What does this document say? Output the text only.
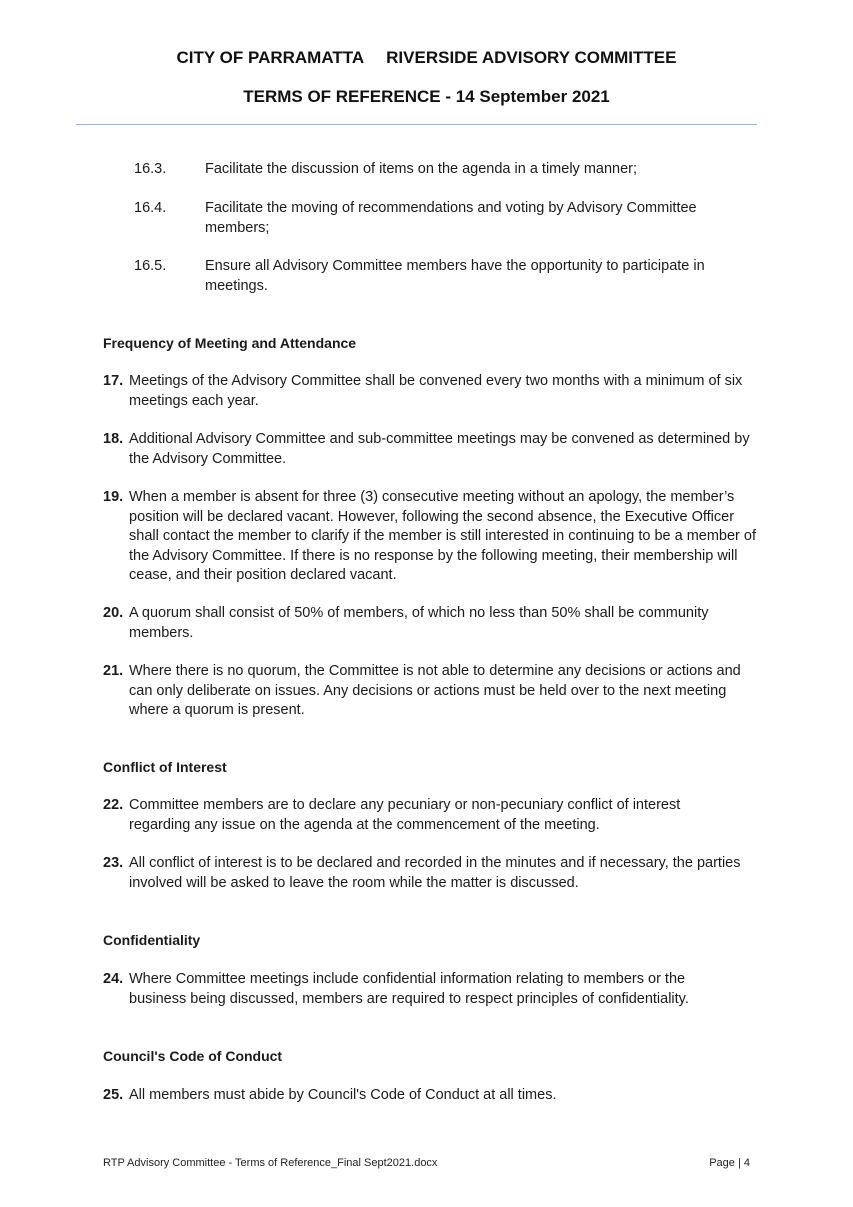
CITY OF PARRAMATTA RIVERSIDE ADVISORY COMMITTEE
TERMS OF REFERENCE - 14 September 2021
16.3.	Facilitate the discussion of items on the agenda in a timely manner;
16.4.	Facilitate the moving of recommendations and voting by Advisory Committee members;
16.5.	Ensure all Advisory Committee members have the opportunity to participate in meetings.
Frequency of Meeting and Attendance
17. Meetings of the Advisory Committee shall be convened every two months with a minimum of six meetings each year.
18. Additional Advisory Committee and sub-committee meetings may be convened as determined by the Advisory Committee.
19. When a member is absent for three (3) consecutive meeting without an apology, the member’s position will be declared vacant. However, following the second absence, the Executive Officer shall contact the member to clarify if the member is still interested in continuing to be a member of the Advisory Committee. If there is no response by the following meeting, their membership will cease, and their position declared vacant.
20. A quorum shall consist of 50% of members, of which no less than 50% shall be community members.
21. Where there is no quorum, the Committee is not able to determine any decisions or actions and can only deliberate on issues. Any decisions or actions must be held over to the next meeting where a quorum is present.
Conflict of Interest
22. Committee members are to declare any pecuniary or non-pecuniary conflict of interest regarding any issue on the agenda at the commencement of the meeting.
23. All conflict of interest is to be declared and recorded in the minutes and if necessary, the parties involved will be asked to leave the room while the matter is discussed.
Confidentiality
24. Where Committee meetings include confidential information relating to members or the business being discussed, members are required to respect principles of confidentiality.
Council's Code of Conduct
25. All members must abide by Council's Code of Conduct at all times.
RTP Advisory Committee - Terms of Reference_Final Sept2021.docx	Page | 4
